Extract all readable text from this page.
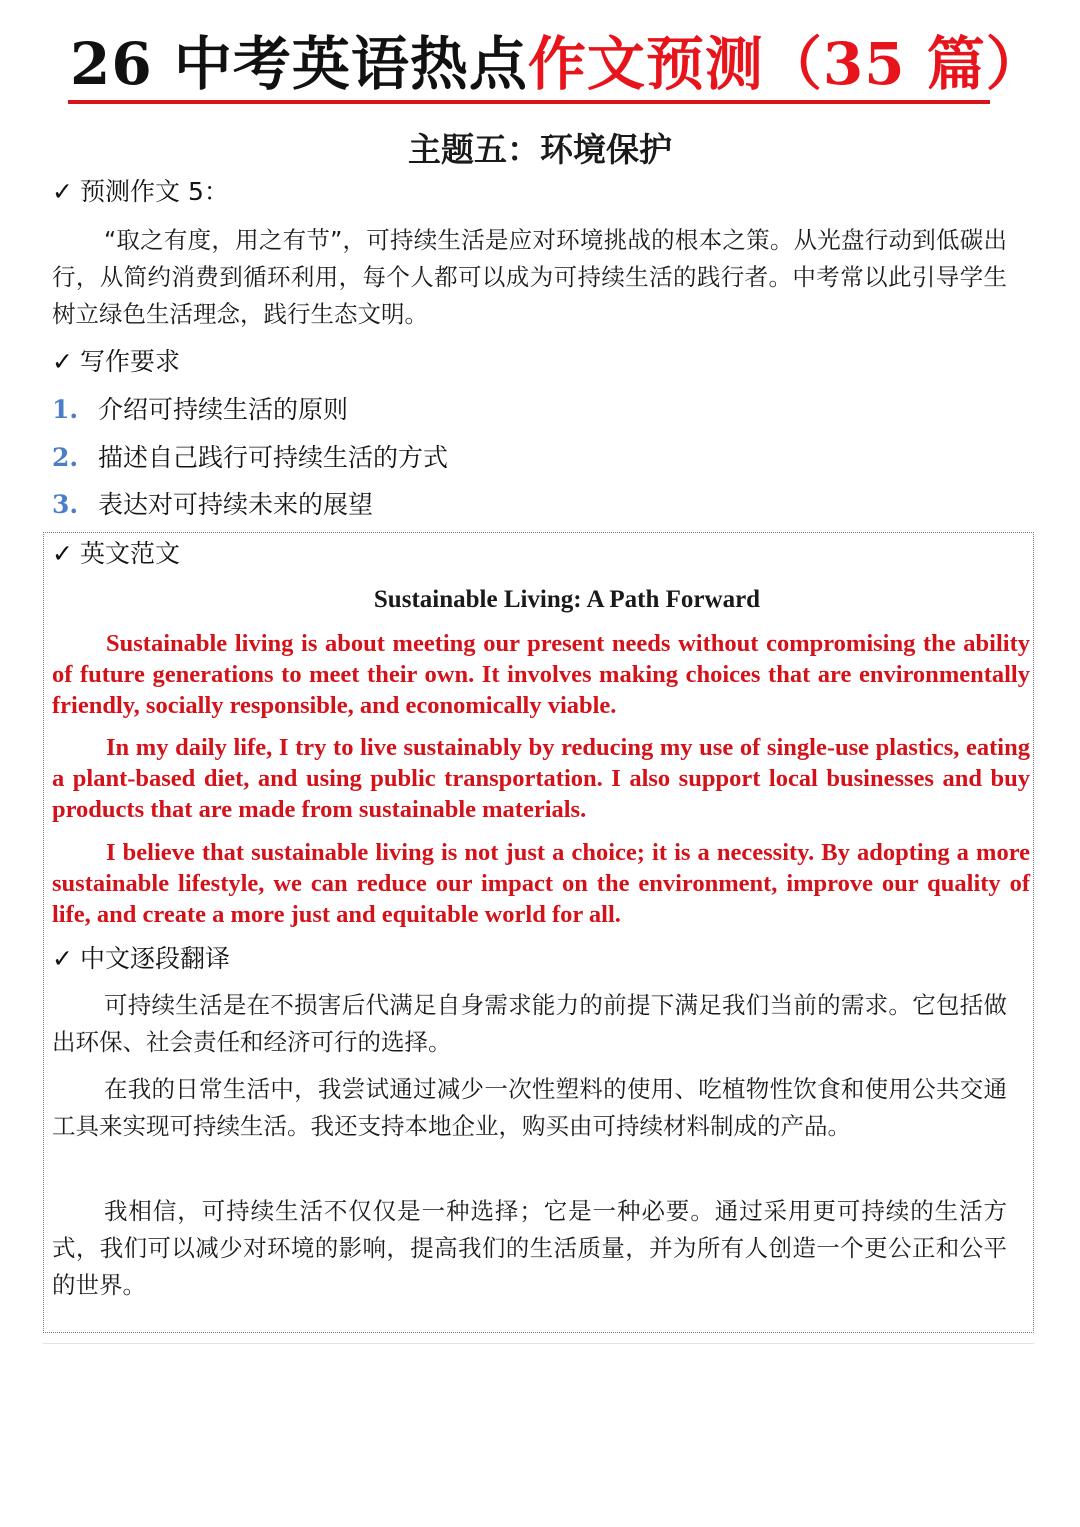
26 中考英语热点作文预测（35 篇）
主题五：环境保护
✓ 预测作文 5：
“取之有度，用之有节”，可持续生活是应对环境挑战的根本之策。从光盘行动到低碳出行，从简约消费到循环利用，每个人都可以成为可持续生活的践行者。中考常以此引导学生树立绿色生活理念，践行生态文明。
✓ 写作要求
1. 介绍可持续生活的原则
2. 描述自己践行可持续生活的方式
3. 表达对可持续未来的展望
✓ 英文范文
Sustainable Living: A Path Forward
Sustainable living is about meeting our present needs without compromising the ability of future generations to meet their own. It involves making choices that are environmentally friendly, socially responsible, and economically viable.
In my daily life, I try to live sustainably by reducing my use of single-use plastics, eating a plant-based diet, and using public transportation. I also support local businesses and buy products that are made from sustainable materials.
I believe that sustainable living is not just a choice; it is a necessity. By adopting a more sustainable lifestyle, we can reduce our impact on the environment, improve our quality of life, and create a more just and equitable world for all.
✓ 中文逐段翻译
可持续生活是在不损害后代满足自身需求能力的前提下满足我们当前的需求。它包括做出环保、社会责任和经济可行的选择。
在我的日常生活中，我尝试通过减少一次性塑料的使用、吃植物性饮食和使用公共交通工具来实现可持续生活。我还支持本地企业，购买由可持续材料制成的产品。
我相信，可持续生活不仅仅是一种选择；它是一种必要。通过采用更可持续的生活方式，我们可以减少对环境的影响，提高我们的生活质量，并为所有人创造一个更公正和公平的世界。
